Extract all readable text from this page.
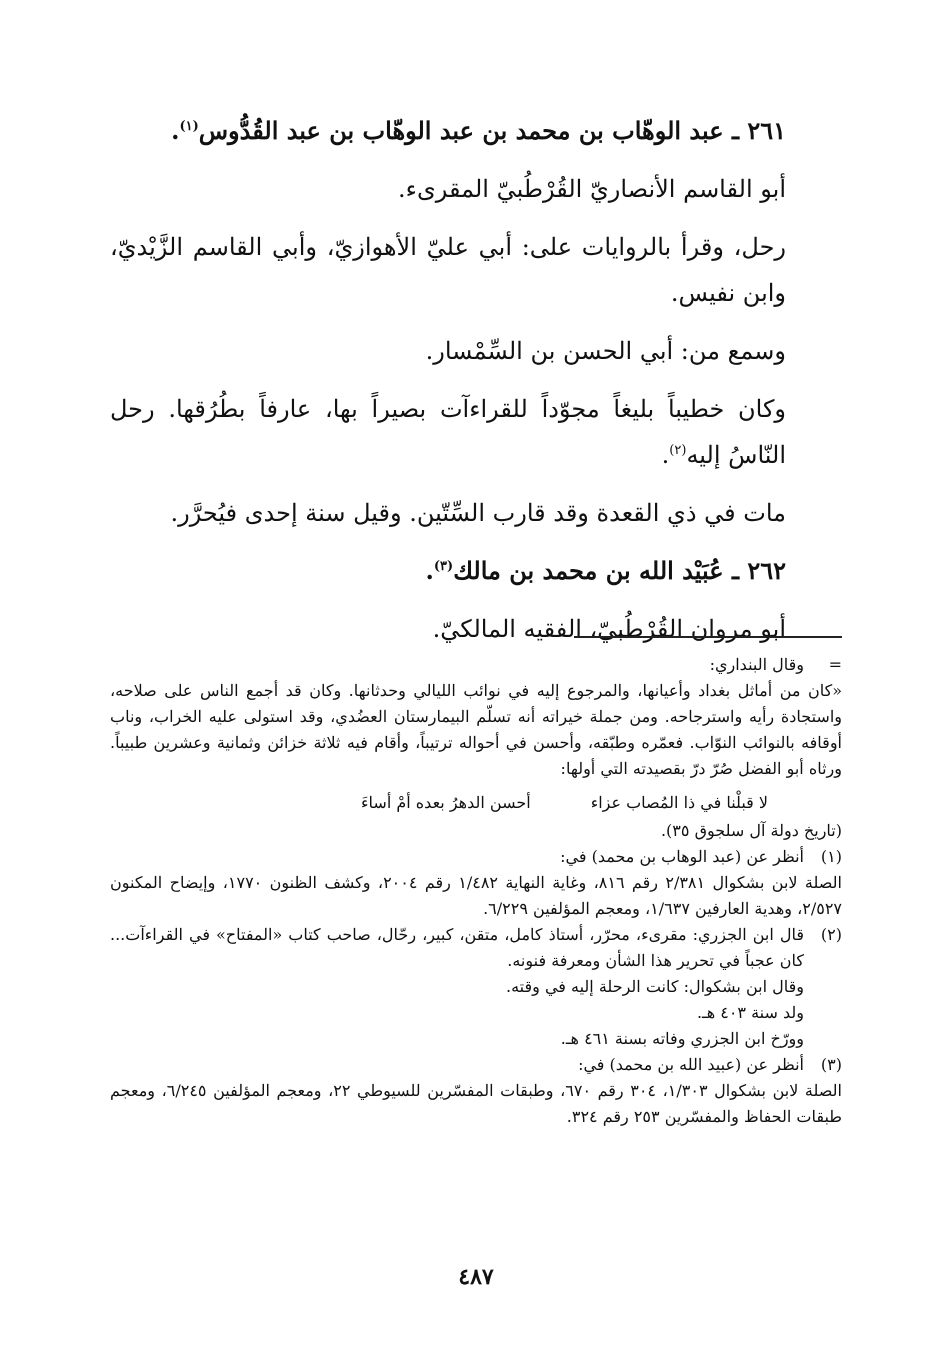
٢٦١ ـ عبد الوهّاب بن محمد بن عبد الوهّاب بن عبد القُدُّوس$^{(١)}$.

أبو القاسم الأنصاريّ القُرْطُبيّ المقرىء.

رحل، وقرأ بالروايات على: أبي عليّ الأهوازيّ، وأبي القاسم الزَّيْديّ، وابن نفيس.

وسمع من: أبي الحسن بن السِّمْسار.

وكان خطيباً بليغاً مجوّداً للقراءآت بصيراً بها، عارفاً بطُرُقها. رحل النّاسُ إليه$^{(٢)}$.

مات في ذي القعدة وقد قارب السِّتّين. وقيل سنة إحدى فيُحرَّر.

٢٦٢ ـ عُبَيْد الله بن محمد بن مالك$^{(٣)}$.

أبو مروان القُرْطُبيّ، الفقيه المالكيّ.

=
وقال البنداري:
«كان من أماثل بغداد وأعيانها، والمرجوع إليه في نوائب الليالي وحدثانها. وكان قد أجمع الناس على صلاحه، واستجادة رأيه واسترجاحه. ومن جملة خيراته أنه تسلّم البيمارستان العضُدي، وقد استولى عليه الخراب، وناب أوقافه بالنوائب النوّاب. فعمّره وطبّقه، وأحسن في أحواله ترتيباً، وأقام فيه ثلاثة خزائن وثمانية وعشرين طبيباً. ورثاه أبو الفضل صُرّ درّ بقصيدته التي أولها:
لا قبلْنا في ذا المُصاب عزاء
أحسن الدهرُ بعده أمْ أساءَ
(تاريخ دولة آل سلجوق ٣٥).
(١)
أنظر عن (عبد الوهاب بن محمد) في:
الصلة لابن بشكوال ٢/٣٨١ رقم ٨١٦، وغاية النهاية ١/٤٨٢ رقم ٢٠٠٤، وكشف الظنون ١٧٧٠، وإيضاح المكنون ٢/٥٢٧، وهدية العارفين ١/٦٣٧، ومعجم المؤلفين ٦/٢٢٩.
(٢)
قال ابن الجزري: مقرىء، محرّر، أستاذ كامل، متقن، كبير، رحّال، صاحب كتاب «المفتاح» في القراءآت... كان عجباً في تحرير هذا الشأن ومعرفة فنونه.
وقال ابن بشكوال: كانت الرحلة إليه في وقته.
ولد سنة ٤٠٣ هـ.
وورّخ ابن الجزري وفاته بسنة ٤٦١ هـ.
(٣)
أنظر عن (عبيد الله بن محمد) في:
الصلة لابن بشكوال ١/٣٠٣، ٣٠٤ رقم ٦٧٠، وطبقات المفسّرين للسيوطي ٢٢، ومعجم المؤلفين ٦/٢٤٥، ومعجم طبقات الحفاظ والمفسّرين ٢٥٣ رقم ٣٢٤.
٤٨٧
